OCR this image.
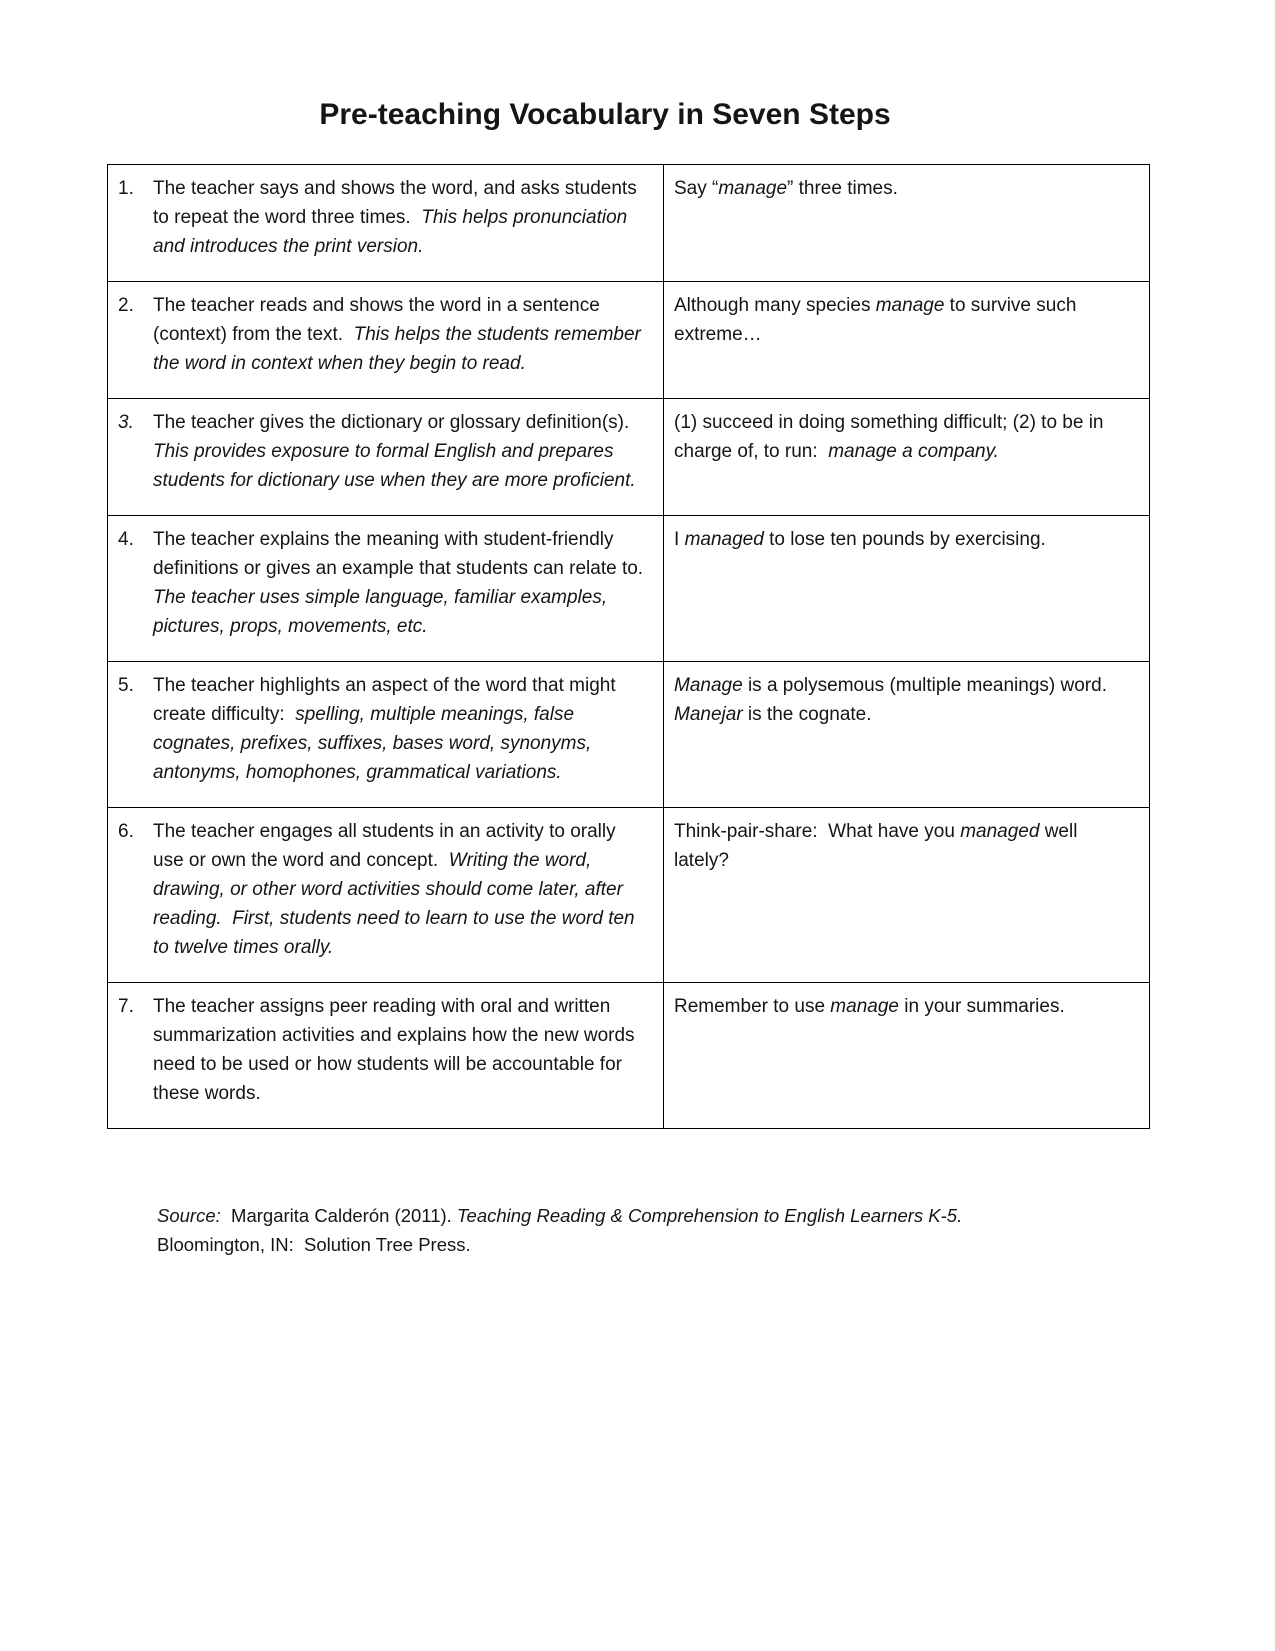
Pre-teaching Vocabulary in Seven Steps
1. The teacher says and shows the word, and asks students to repeat the word three times.  This helps pronunciation and introduces the print version.	Say “manage” three times.

2. The teacher reads and shows the word in a sentence (context) from the text.  This helps the students remember the word in context when they begin to read.	Although many species manage to survive such extreme…

3. The teacher gives the dictionary or glossary definition(s).  This provides exposure to formal English and prepares students for dictionary use when they are more proficient.	(1) succeed in doing something difficult; (2) to be in charge of, to run:  manage a company.

4. The teacher explains the meaning with student-friendly definitions or gives an example that students can relate to.  The teacher uses simple language, familiar examples, pictures, props, movements, etc.	I managed to lose ten pounds by exercising.

5. The teacher highlights an aspect of the word that might create difficulty:  spelling, multiple meanings, false cognates, prefixes, suffixes, bases word, synonyms, antonyms, homophones, grammatical variations.	Manage is a polysemous (multiple meanings) word.  Manejar is the cognate.

6. The teacher engages all students in an activity to orally use or own the word and concept.  Writing the word, drawing, or other word activities should come later, after reading.  First, students need to learn to use the word ten to twelve times orally.	Think-pair-share:  What have you managed well lately?

7. The teacher assigns peer reading with oral and written summarization activities and explains how the new words need to be used or how students will be accountable for these words.	Remember to use manage in your summaries.

Source:  Margarita Calderón (2011). Teaching Reading & Comprehension to English Learners K-5. Bloomington, IN:  Solution Tree Press.
